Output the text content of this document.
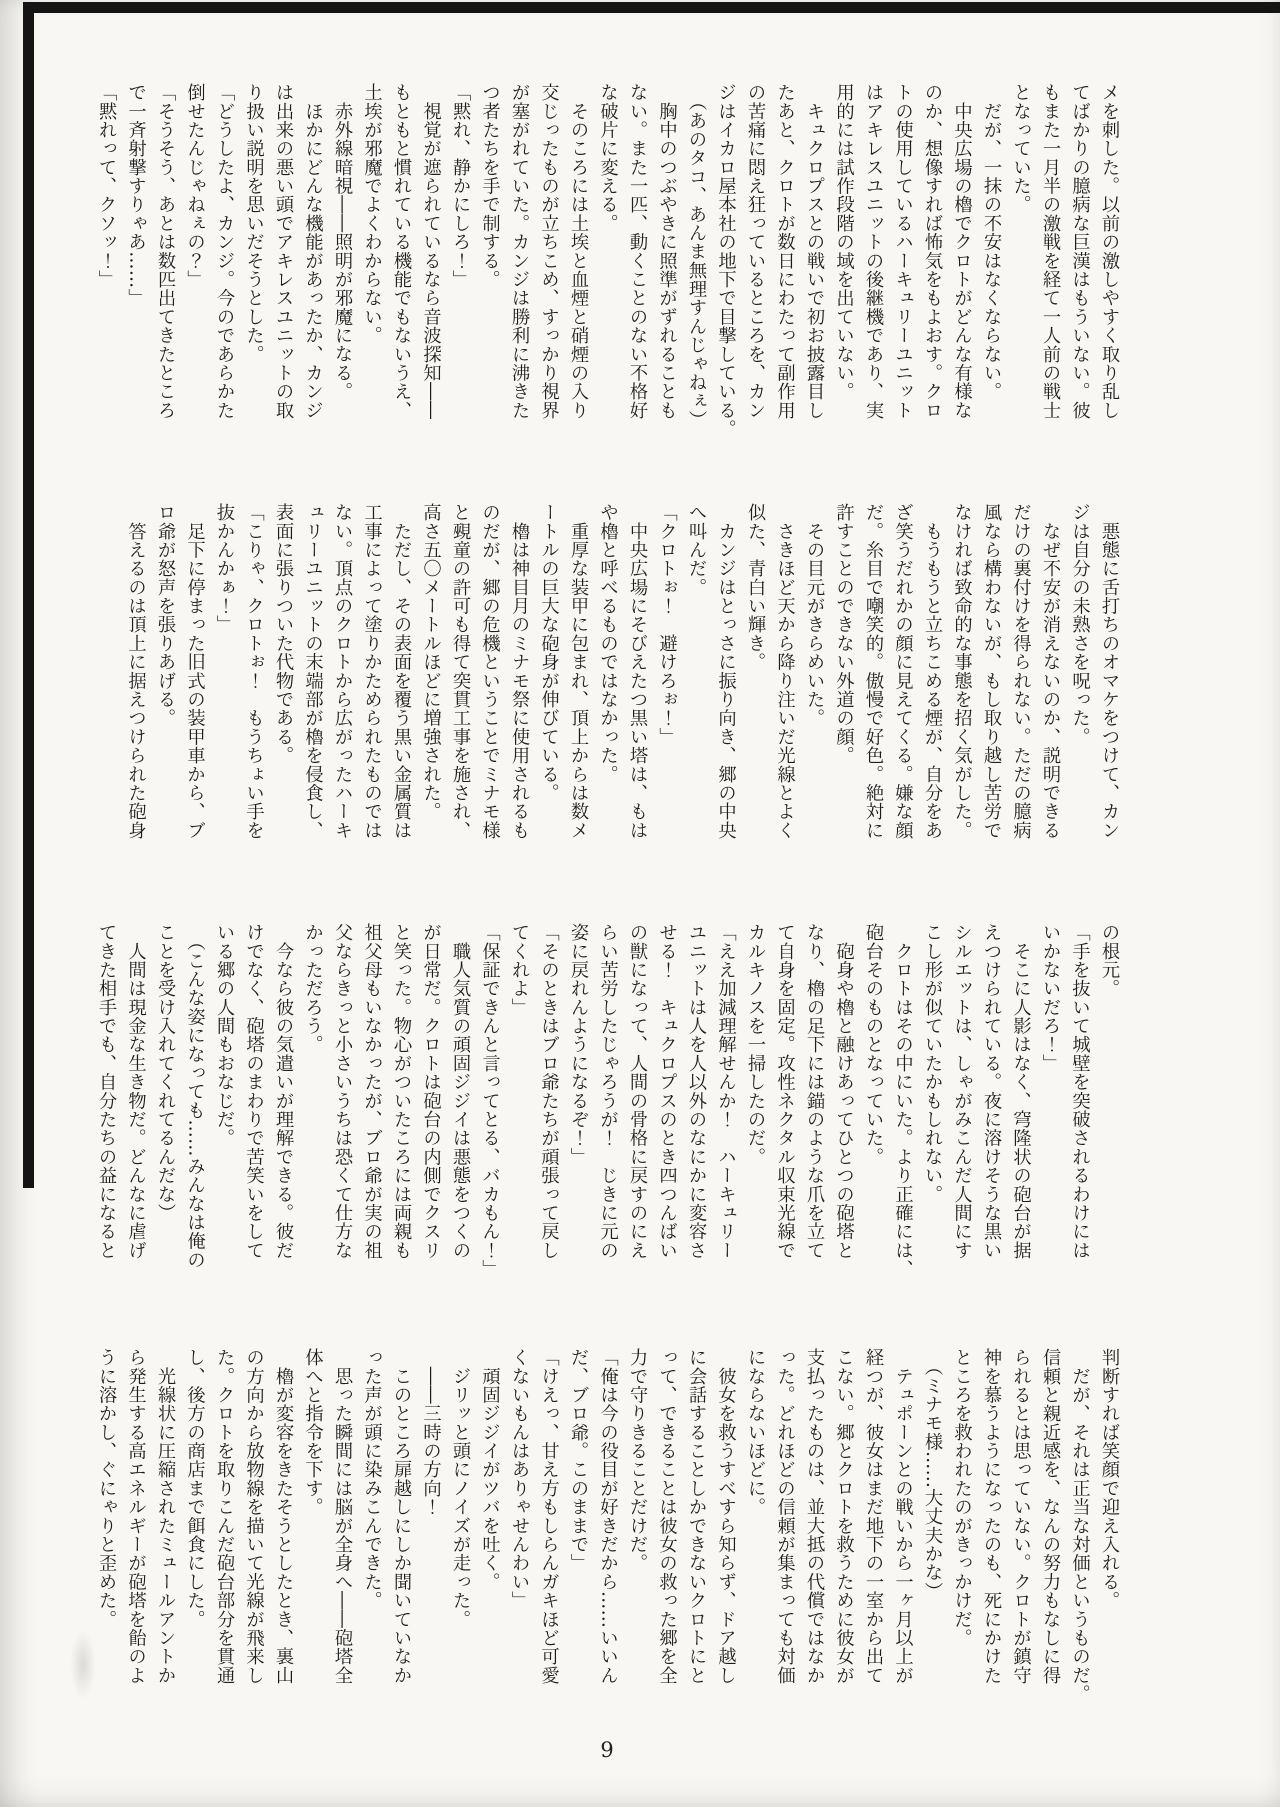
メを刺した。以前の激しやすく取り乱し
てばかりの臆病な巨漢はもういない。彼
もまた一月半の激戦を経て一人前の戦士
となっていた。
　だが、一抹の不安はなくならない。
　中央広場の櫓でクロトがどんな有様な
のか、想像すれば怖気をもよおす。クロ
トの使用しているハーキュリーユニット
はアキレスユニットの後継機であり、実
用的には試作段階の域を出ていない。
　キュクロプスとの戦いで初お披露目し
たあと、クロトが数日にわたって副作用
の苦痛に悶え狂っているところを、カン
ジはイカロ屋本社の地下で目撃している。
　（あのタコ、あんま無理すんじゃねぇ）
　胸中のつぶやきに照準がずれることも
ない。また一匹、動くことのない不格好
な破片に変える。
　そのころには土埃と血煙と硝煙の入り
交じったものが立ちこめ、すっかり視界
が塞がれていた。カンジは勝利に沸きた
つ者たちを手で制する。
「黙れ、静かにしろ！」
　視覚が遮られているなら音波探知――
もともと慣れている機能でもないうえ、
土埃が邪魔でよくわからない。
　赤外線暗視――照明が邪魔になる。
　ほかにどんな機能があったか、カンジ
は出来の悪い頭でアキレスユニットの取
り扱い説明を思いだそうとした。
「どうしたよ、カンジ。今のであらかた
倒せたんじゃねぇの？」
「そうそう、あとは数匹出てきたところ
で一斉射撃すりゃあ……」
「黙れって、クソッ！」
　悪態に舌打ちのオマケをつけて、カン
ジは自分の未熟さを呪った。
　なぜ不安が消えないのか、説明できる
だけの裏付けを得られない。ただの臆病
風なら構わないが、もし取り越し苦労で
なければ致命的な事態を招く気がした。
　もうもうと立ちこめる煙が、自分をあ
ざ笑うだれかの顔に見えてくる。嫌な顔
だ。糸目で嘲笑的。傲慢で好色。絶対に
許すことのできない外道の顔。
　その目元がきらめいた。
　さきほど天から降り注いだ光線とよく
似た、青白い輝き。
　カンジはとっさに振り向き、郷の中央
へ叫んだ。
「クロトぉ！　避けろぉ！」
　中央広場にそびえたつ黒い塔は、もは
や櫓と呼べるものではなかった。
　重厚な装甲に包まれ、頂上からは数メ
ートルの巨大な砲身が伸びている。
　櫓は神目月のミナモ祭に使用されるも
のだが、郷の危機ということでミナモ様
と覡童の許可も得て突貫工事を施され、
高さ五〇メートルほどに増強された。
　ただし、その表面を覆う黒い金属質は
工事によって塗りかためられたものでは
ない。頂点のクロトから広がったハーキ
ュリーユニットの末端部が櫓を侵食し、
表面に張りついた代物である。
「こりゃ、クロトぉ！　もうちょい手を
抜かんかぁ！」
　足下に停まった旧式の装甲車から、ブ
ロ爺が怒声を張りあげる。
　答えるのは頂上に据えつけられた砲身
の根元。
「手を抜いて城壁を突破されるわけには
いかないだろ！」
　そこに人影はなく、穹隆状の砲台が据
えつけられている。夜に溶けそうな黒い
シルエットは、しゃがみこんだ人間にす
こし形が似ていたかもしれない。
　クロトはその中にいた。より正確には、
砲台そのものとなっていた。
　砲身や櫓と融けあってひとつの砲塔と
なり、櫓の足下には錨のような爪を立て
て自身を固定。攻性ネクタル収束光線で
カルキノスを一掃したのだ。
「ええ加減理解せんか！　ハーキュリー
ユニットは人を人以外のなにかに変容さ
せる！　キュクロプスのとき四つんばい
の獣になって、人間の骨格に戻すのにえ
らい苦労したじゃろうが！　じきに元の
姿に戻れんようになるぞ！」
「そのときはブロ爺たちが頑張って戻し
てくれよ」
「保証できんと言ってとる、バカもん！」
　職人気質の頑固ジジイは悪態をつくの
が日常だ。クロトは砲台の内側でクスリ
と笑った。物心がついたころには両親も
祖父母もいなかったが、ブロ爺が実の祖
父ならきっと小さいうちは恐くて仕方な
かっただろう。
　今なら彼の気遣いが理解できる。彼だ
けでなく、砲塔のまわりで苦笑いをして
いる郷の人間もおなじだ。
　（こんな姿になっても……みんなは俺の
ことを受け入れてくれてるんだな）
　人間は現金な生き物だ。どんなに虐げ
てきた相手でも、自分たちの益になると
判断すれば笑顔で迎え入れる。
　だが、それは正当な対価というものだ。
信頼と親近感を、なんの努力もなしに得
られるとは思っていない。クロトが鎮守
神を慕うようになったのも、死にかけた
ところを救われたのがきっかけだ。
　（ミナモ様……大丈夫かな）
　テュポーンとの戦いから一ヶ月以上が
経つが、彼女はまだ地下の一室から出て
こない。郷とクロトを救うために彼女が
支払ったものは、並大抵の代償ではなか
った。どれほどの信頼が集まっても対価
にならないほどに。
　彼女を救うすべすら知らず、ドア越し
に会話することしかできないクロトにと
って、できることは彼女の救った郷を全
力で守りきることだけだ。
「俺は今の役目が好きだから……いいん
だ、ブロ爺。このままで」
「けえっ、甘え方もしらんガキほど可愛
くないもんはありゃせんわい」
　頑固ジジイがツバを吐く。
　ジリッと頭にノイズが走った。
　――三時の方向！
　このところ扉越しにしか聞いていなか
った声が頭に染みこんできた。
　思った瞬間には脳が全身へ――砲塔全
体へと指令を下す。
　櫓が変容をきたそうとしたとき、裏山
の方向から放物線を描いて光線が飛来し
た。クロトを取りこんだ砲台部分を貫通
し、後方の商店まで餌食にした。
　光線状に圧縮されたミュールアントか
ら発生する高エネルギーが砲塔を飴のよ
うに溶かし、ぐにゃりと歪めた。
9
